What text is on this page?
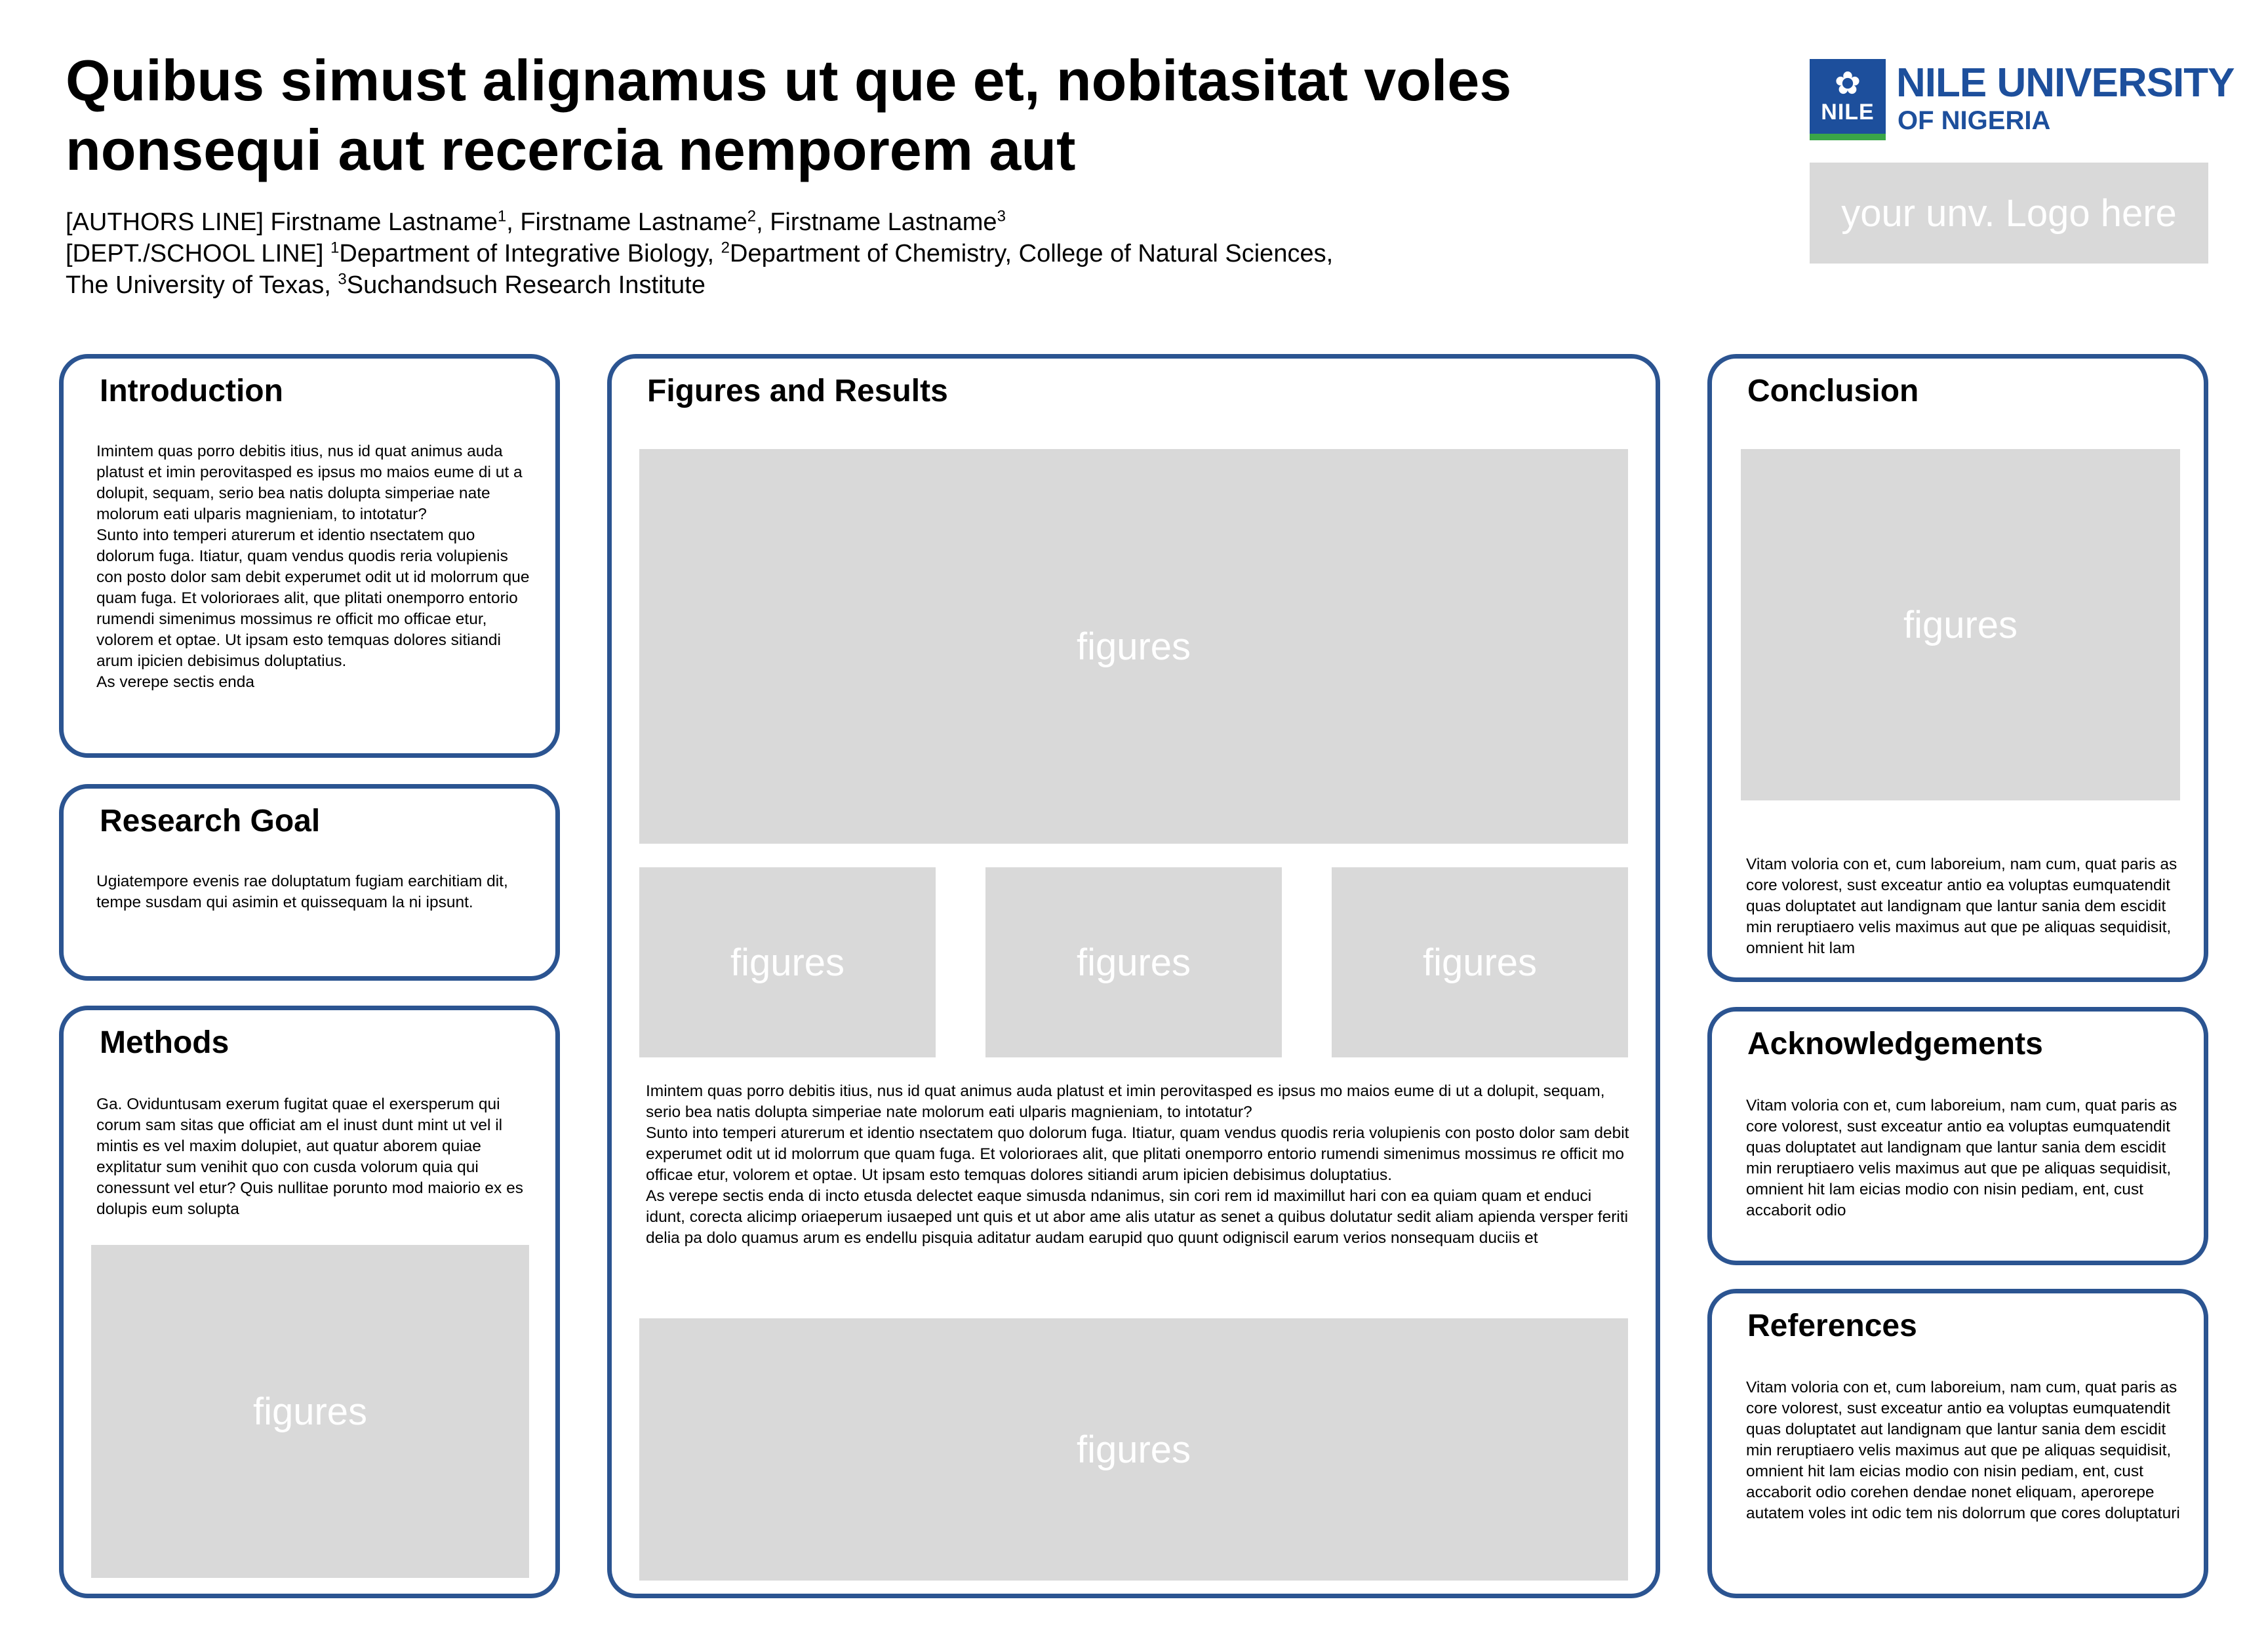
Quibus simust alignamus ut que et, nobitasitat voles
nonsequi aut recercia nemporem aut
[AUTHORS LINE] Firstname Lastname$^1$, Firstname Lastname$^2$, Firstname Lastname$^3$
[DEPT./SCHOOL LINE] $^1$Department of Integrative Biology, $^2$Department of Chemistry, College of Natural Sciences,
The University of Texas, $^3$Suchandsuch Research Institute
✿
NILE
NILE UNIVERSITY
OF NIGERIA
your unv. Logo here
Introduction
Imintem quas porro debitis itius, nus id quat animus auda platust et imin perovitasped es ipsus mo maios eume di ut a dolupit, sequam, serio bea natis dolupta simperiae nate molorum eati ulparis magnieniam, to intotatur?
Sunto into temperi aturerum et identio nsectatem quo dolorum fuga. Itiatur, quam vendus quodis reria volupienis con posto dolor sam debit experumet odit ut id molorrum que quam fuga. Et volorioraes alit, que plitati onemporro entorio rumendi simenimus mossimus re officit mo officae etur, volorem et optae. Ut ipsam esto temquas dolores sitiandi arum ipicien debisimus doluptatius.
As verepe sectis enda
Research Goal
Ugiatempore evenis rae doluptatum fugiam earchitiam dit, tempe susdam qui asimin et quissequam la ni ipsunt.
Methods
Ga. Oviduntusam exerum fugitat quae el exersperum qui corum sam sitas que officiat am el inust dunt mint ut vel il mintis es vel maxim dolupiet, aut quatur aborem quiae explitatur sum venihit quo con cusda volorum quia qui conessunt vel etur? Quis nullitae porunto mod maiorio ex es dolupis eum solupta
figures
Figures and Results
figures
figures	figures	figures
Imintem quas porro debitis itius, nus id quat animus auda platust et imin perovitasped es ipsus mo maios eume di ut a dolupit, sequam, serio bea natis dolupta simperiae nate molorum eati ulparis magnieniam, to intotatur?
Sunto into temperi aturerum et identio nsectatem quo dolorum fuga. Itiatur, quam vendus quodis reria volupienis con posto dolor sam debit experumet odit ut id molorrum que quam fuga. Et volorioraes alit, que plitati onemporro entorio rumendi simenimus mossimus re officit mo officae etur, volorem et optae. Ut ipsam esto temquas dolores sitiandi arum ipicien debisimus doluptatius.
As verepe sectis enda di incto etusda delectet eaque simusda ndanimus, sin cori rem id maximillut hari con ea quiam quam et enduci idunt, corecta alicimp oriaeperum iusaeped unt quis et ut abor ame alis utatur as senet a quibus dolutatur sedit aliam apienda versper feriti delia pa dolo quamus arum es endellu pisquia aditatur audam earupid quo quunt odigniscil earum verios nonsequam duciis et
figures
Conclusion
figures
Vitam voloria con et, cum laboreium, nam cum, quat paris as core volorest, sust exceatur antio ea voluptas eumquatendit quas doluptatet aut landignam que lantur sania dem escidit min reruptiaero velis maximus aut que pe aliquas sequidisit, omnient hit lam
Acknowledgements
Vitam voloria con et, cum laboreium, nam cum, quat paris as core volorest, sust exceatur antio ea voluptas eumquatendit quas doluptatet aut landignam que lantur sania dem escidit min reruptiaero velis maximus aut que pe aliquas sequidisit, omnient hit lam eicias modio con nisin pediam, ent, cust accaborit odio
References
Vitam voloria con et, cum laboreium, nam cum, quat paris as core volorest, sust exceatur antio ea voluptas eumquatendit quas doluptatet aut landignam que lantur sania dem escidit min reruptiaero velis maximus aut que pe aliquas sequidisit, omnient hit lam eicias modio con nisin pediam, ent, cust accaborit odio corehen dendae nonet eliquam, aperorepe autatem voles int odic tem nis dolorrum que cores doluptaturi
